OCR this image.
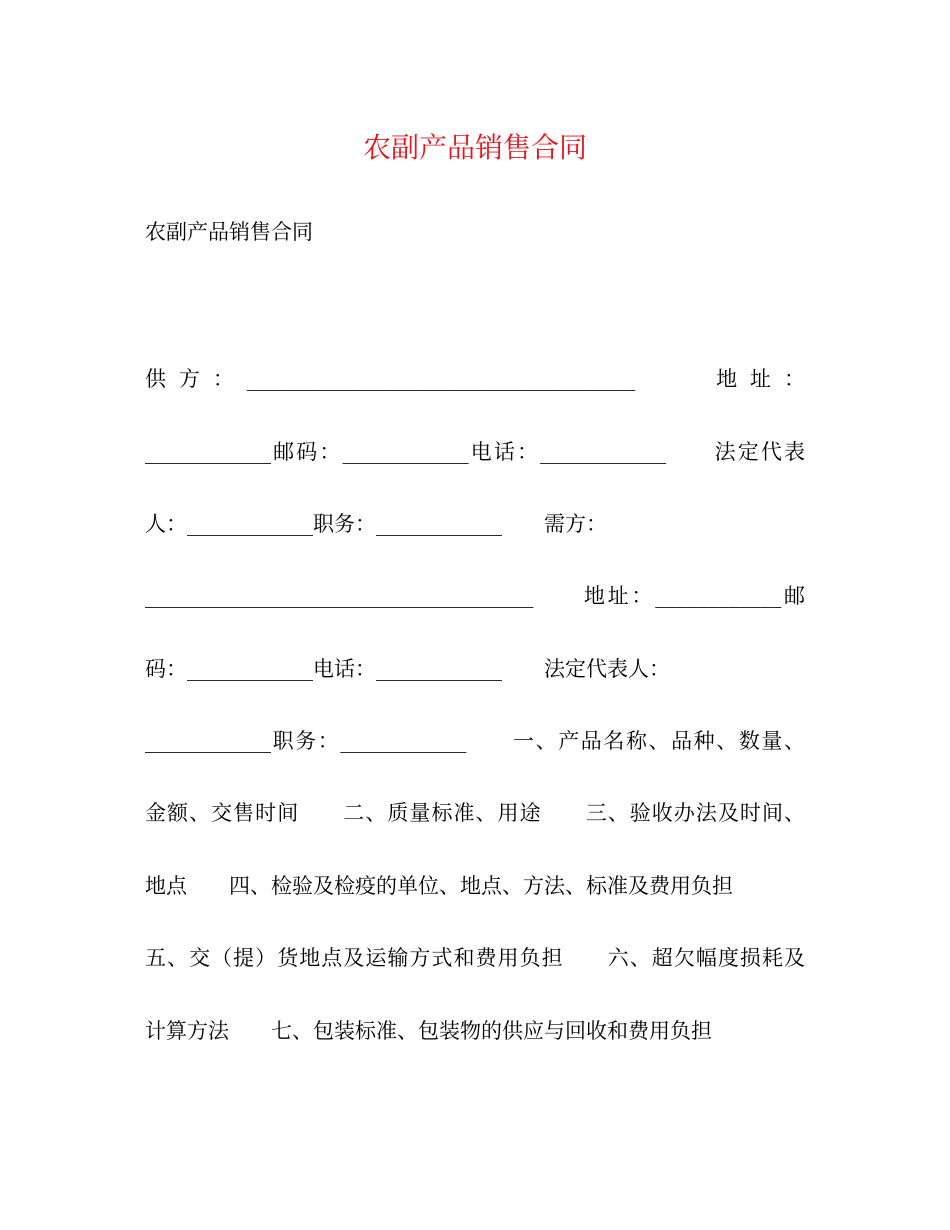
农副产品销售合同
农副产品销售合同
供方：_____________________________________　　地址：
____________邮码：____________电话：____________　　法定代表
人：____________职务：____________　　需方：
_____________________________________　　地址：____________邮
码：____________电话：____________　　法定代表人：
____________职务：____________　　一、产品名称、品种、数量、
金额、交售时间　　二、质量标准、用途　　三、验收办法及时间、
地点　　四、检验及检疫的单位、地点、方法、标准及费用负担
五、交（提）货地点及运输方式和费用负担　　六、超欠幅度损耗及
计算方法　　七、包装标准、包装物的供应与回收和费用负担
